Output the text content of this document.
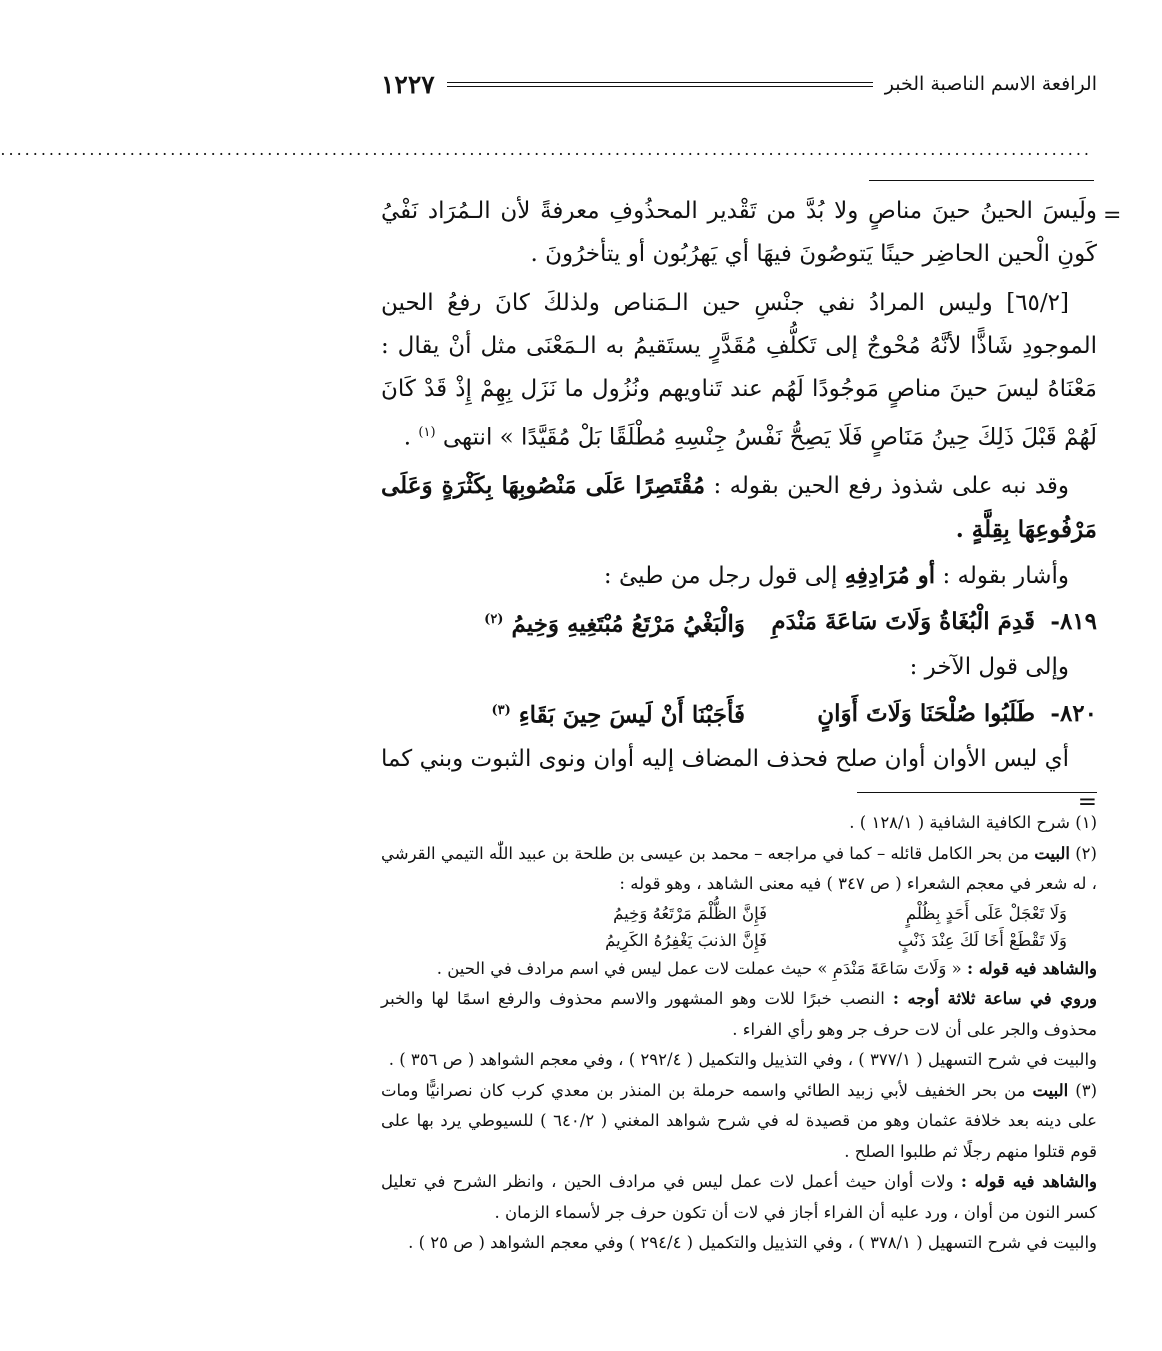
الرافعة الاسم الناصبة الخبر
١٢٢٧
.......................................................................................................................................
=

ولَيسَ الحينُ حينَ مناصٍ ولا بُدَّ من تَقْدير المحذُوفِ معرفةً لأن الـمُرَاد نَفْيُ كَونِ الْحين الحاضِر حينًا يَتوصُونَ فيهَا أي يَهرُبُون أو يتأخرُونَ .

[٦٥/٢] وليس المرادُ نفي جنْسِ حين الـمَناص ولذلكَ كانَ رفعُ الحين الموجودِ شَاذًّا لأنَّهُ مُحْوجٌ إلى تَكلُّفِ مُقَدَّرٍ يستَقيمُ به الـمَعْنَى مثل أنْ يقال : مَعْنَاهُ ليسَ حينَ مناصٍ مَوجُودًا لَهُم عند تَناويهم ونُزُول ما نَزَل بِهِمْ إِذْ قَدْ كَانَ لَهُمْ قَبْلَ ذَلِكَ حِينُ مَنَاصٍ فَلَا يَصِحُّ نَفْسُ جِنْسِهِ مُطْلَقًا بَلْ مُقَيَّدًا » انتهى $^{(١)}$ .

وقد نبه على شذوذ رفع الحين بقوله : مُقْتَصِرًا عَلَى مَنْصُوبِهَا بِكَثْرَةٍ وَعَلَى مَرْفُوعِهَا بِقِلَّةٍ .

وأشار بقوله : أو مُرَادِفِهِ إلى قول رجل من طيئ :

٨١٩-
قَدِمَ الْبُغَاةُ وَلَاتَ سَاعَةَ مَنْدَمِ
وَالْبَغْيُ مَرْتَعُ مُبْتَغِيهِ وَخِيمُ $^{(٢)}$

وإلى قول الآخر :

٨٢٠-
طَلَبُوا صُلْحَنَا وَلَاتَ أَوَانٍ
فَأَجَبْنَا أَنْ لَيسَ حِينَ بَقَاءِ $^{(٣)}$

أي ليس الأوان أوان صلح فحذف المضاف إليه أوان ونوى الثبوت وبني كما =

(١) شرح الكافية الشافية ( ١٢٨/١ ) .

(٢) البيت من بحر الكامل قائله – كما في مراجعه – محمد بن عيسى بن طلحة بن عبيد اللّٰه التيمي القرشي ، له شعر في معجم الشعراء ( ص ٣٤٧ ) فيه معنى الشاهد ، وهو قوله :

وَلَا تَعْجَلْ عَلَى أَحَدٍ بِظُلْمٍ
فَإِنَّ الظُّلْمَ مَرْتَعُهُ وَخِيمُ
وَلَا تَقْطَعْ أَخَا لَكَ عِنْدَ ذَنْبٍ
فَإِنَّ الذنبَ يَغْفِرُهُ الكَرِيمُ

والشاهد فيه قوله : « وَلَاتَ سَاعَةَ مَنْدَمِ » حيث عملت لات عمل ليس في اسم مرادف في الحين .

وروي في ساعة ثلاثة أوجه : النصب خبرًا للات وهو المشهور والاسم محذوف والرفع اسمًا لها والخبر محذوف والجر على أن لات حرف جر وهو رأي الفراء .

والبيت في شرح التسهيل ( ٣٧٧/١ ) ، وفي التذييل والتكميل ( ٢٩٢/٤ ) ، وفي معجم الشواهد ( ص ٣٥٦ ) .

(٣) البيت من بحر الخفيف لأبي زبيد الطائي واسمه حرملة بن المنذر بن معدي كرب كان نصرانيًّا ومات على دينه بعد خلافة عثمان وهو من قصيدة له في شرح شواهد المغني ( ٦٤٠/٢ ) للسيوطي يرد بها على قوم قتلوا منهم رجلًا ثم طلبوا الصلح .

والشاهد فيه قوله : ولات أوان حيث أعمل لات عمل ليس في مرادف الحين ، وانظر الشرح في تعليل كسر النون من أوان ، ورد عليه أن الفراء أجاز في لات أن تكون حرف جر لأسماء الزمان .

والبيت في شرح التسهيل ( ٣٧٨/١ ) ، وفي التذييل والتكميل ( ٢٩٤/٤ ) وفي معجم الشواهد ( ص ٢٥ ) .
